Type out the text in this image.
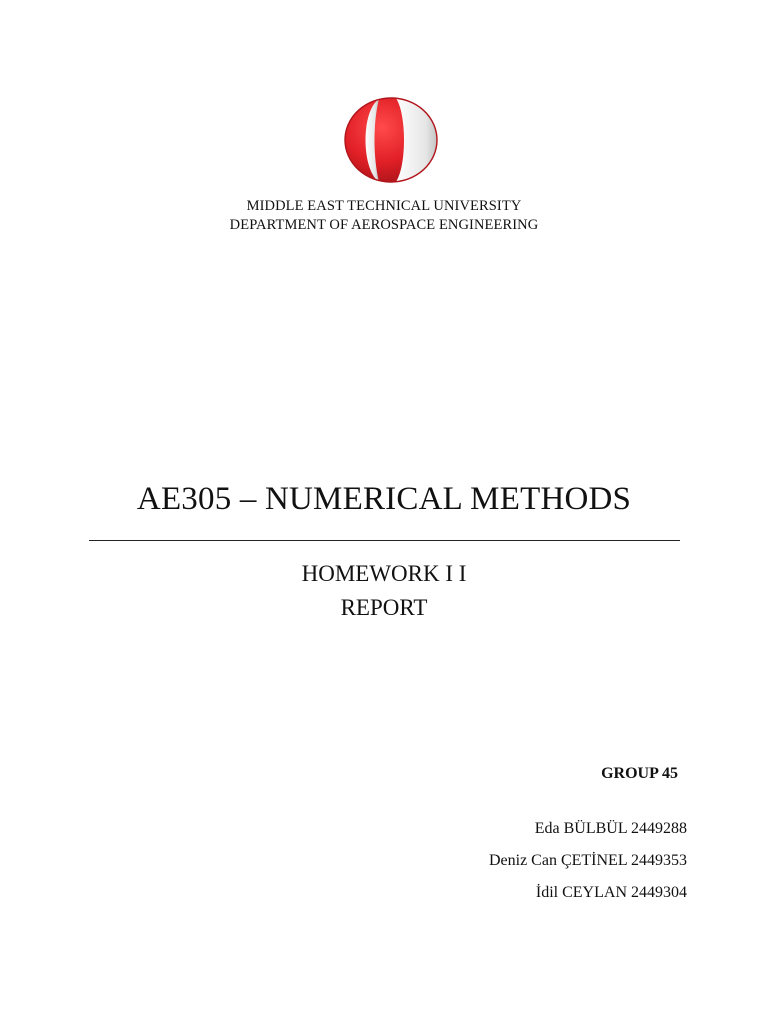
MIDDLE EAST TECHNICAL UNIVERSITY
DEPARTMENT OF AEROSPACE ENGINEERING
AE305 – NUMERICAL METHODS
HOMEWORK I I
REPORT
GROUP 45
Eda BÜLBÜL 2449288
Deniz Can ÇETİNEL 2449353
İdil CEYLAN 2449304
